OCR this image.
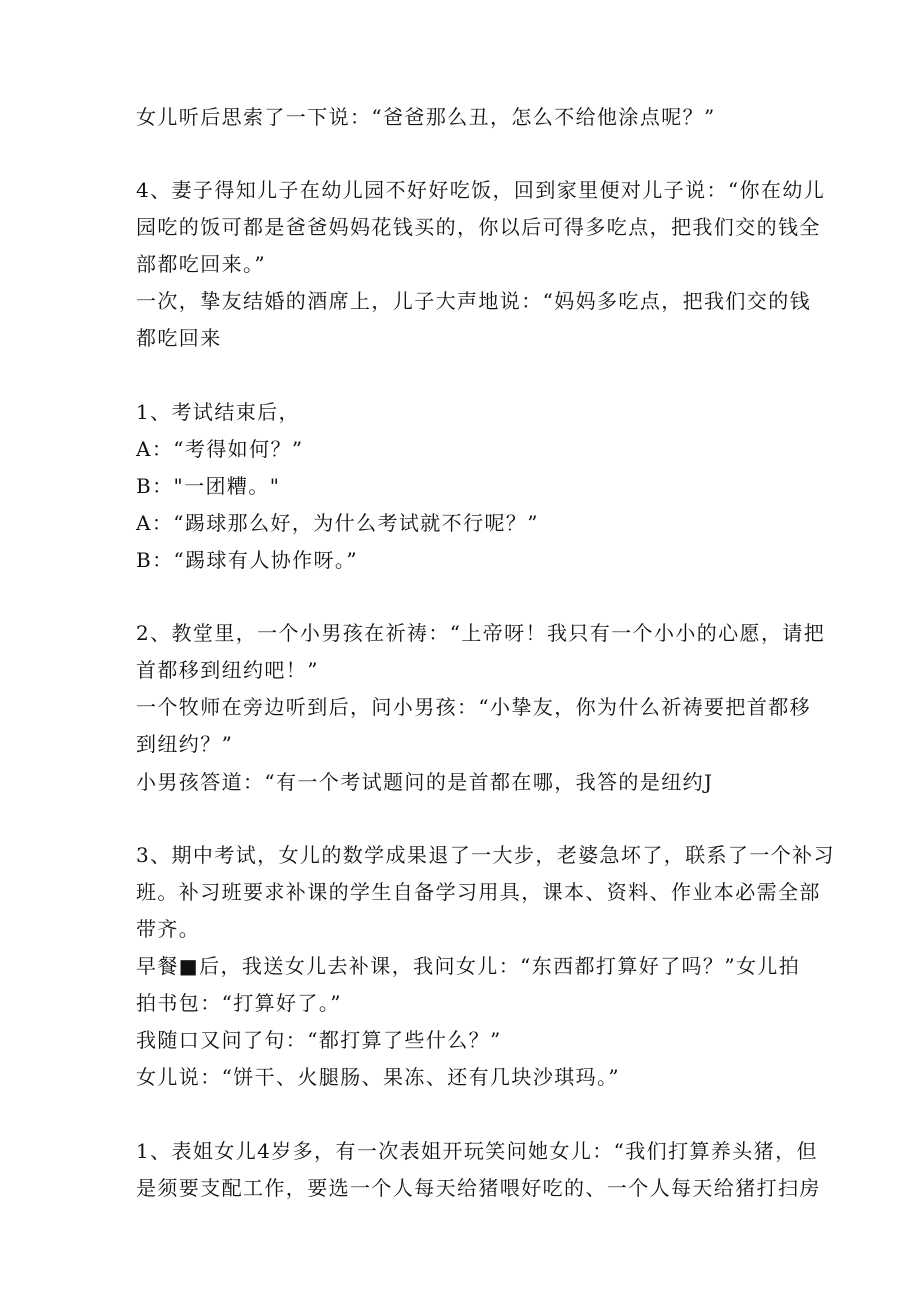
女儿听后思索了一下说：“爸爸那么丑，怎么不给他涂点呢？”
4、妻子得知儿子在幼儿园不好好吃饭，回到家里便对儿子说：“你在幼儿
园吃的饭可都是爸爸妈妈花钱买的，你以后可得多吃点，把我们交的钱全
部都吃回来。”
一次，挚友结婚的酒席上，儿子大声地说：“妈妈多吃点，把我们交的钱
都吃回来
1、考试结束后，
A：“考得如何？”
B："一团糟。"
A：“踢球那么好，为什么考试就不行呢？”
B：“踢球有人协作呀。”
2、教堂里，一个小男孩在祈祷：“上帝呀！我只有一个小小的心愿，请把
首都移到纽约吧！”
一个牧师在旁边听到后，问小男孩：“小挚友，你为什么祈祷要把首都移
到纽约？”
小男孩答道：“有一个考试题问的是首都在哪，我答的是纽约J
3、期中考试，女儿的数学成果退了一大步，老婆急坏了，联系了一个补习
班。补习班要求补课的学生自备学习用具，课本、资料、作业本必需全部
带齐。
早餐■后，我送女儿去补课，我问女儿：“东西都打算好了吗？”女儿拍
拍书包：“打算好了。”
我随口又问了句：“都打算了些什么？”
女儿说：“饼干、火腿肠、果冻、还有几块沙琪玛。”
1、表姐女儿4岁多，有一次表姐开玩笑问她女儿：“我们打算养头猪，但
是须要支配工作，要选一个人每天给猪喂好吃的、一个人每天给猪打扫房
